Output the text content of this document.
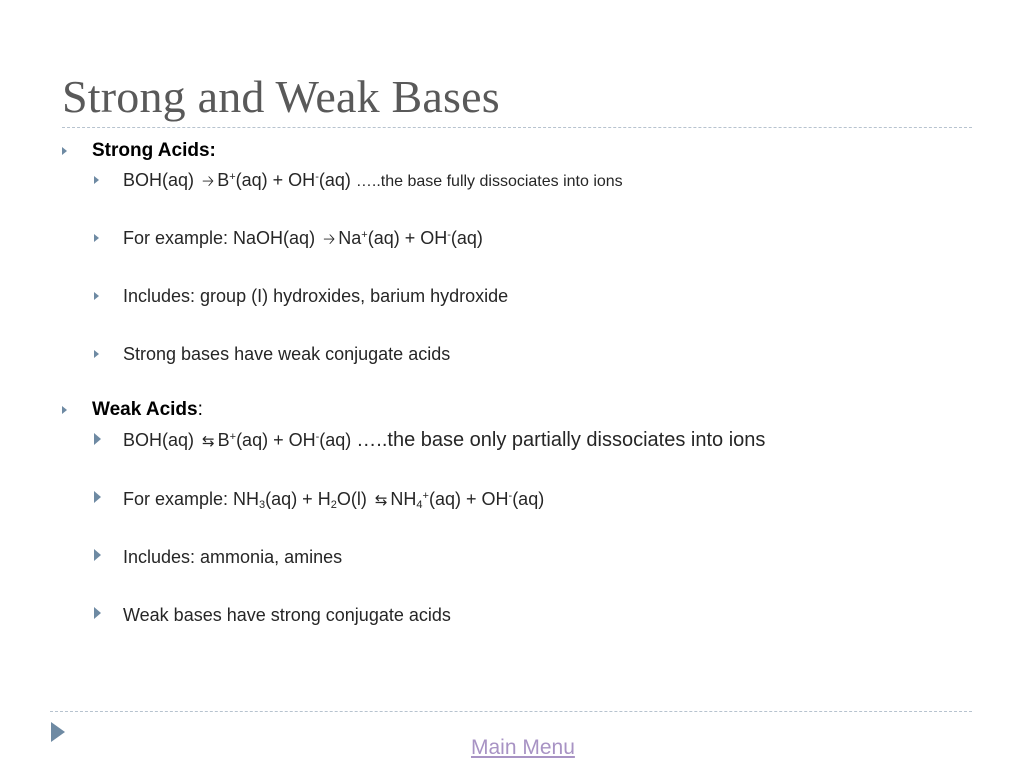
Strong and Weak Bases
Strong Acids:
BOH(aq) 🡢 B+(aq) + OH-(aq) …..the base fully dissociates into ions
For example: NaOH(aq) 🡢 Na+(aq) + OH-(aq)
Includes: group (I) hydroxides, barium hydroxide
Strong bases have weak conjugate acids
Weak Acids:
BOH(aq) ⇆ B+(aq) + OH-(aq) …..the base only partially dissociates into ions
For example: $NH_3(aq) + H_2O(l)$ ⇆ $NH_4^+(aq) + OH^-(aq)$
Includes: ammonia, amines
Weak bases have strong conjugate acids
Main Menu
